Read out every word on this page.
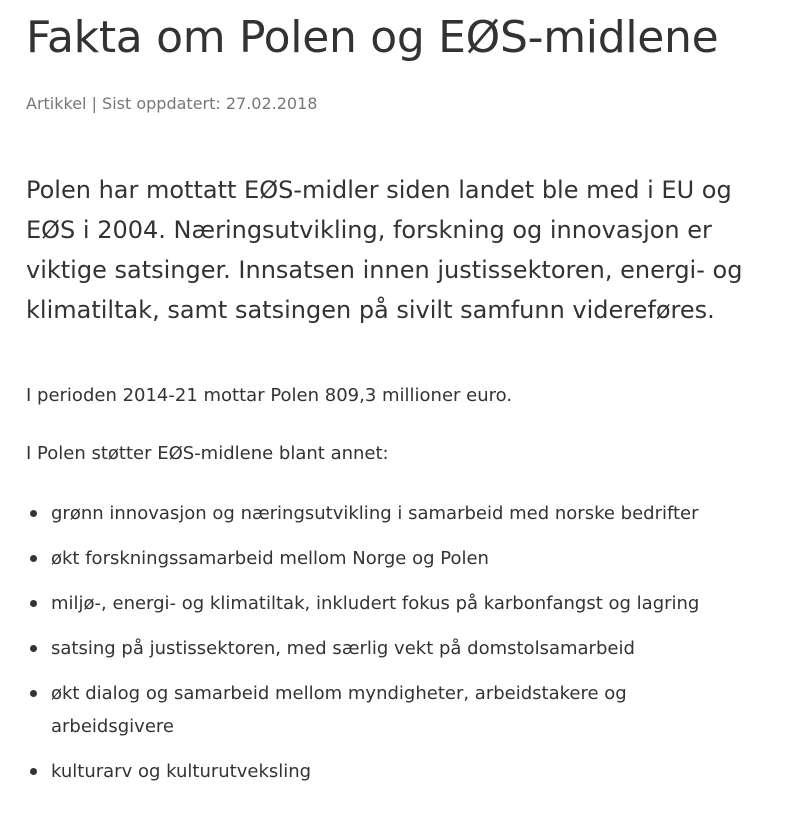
Fakta om Polen og EØS-midlene

Artikkel | Sist oppdatert: 27.02.2018

Polen har mottatt EØS-midler siden landet ble med i EU og EØS i 2004. Næringsutvikling, forskning og innovasjon er viktige satsinger. Innsatsen innen justissektoren, energi- og klimatiltak, samt satsingen på sivilt samfunn videreføres.

I perioden 2014-21 mottar Polen 809,3 millioner euro.

I Polen støtter EØS-midlene blant annet:

grønn innovasjon og næringsutvikling i samarbeid med norske bedrifter
økt forskningssamarbeid mellom Norge og Polen
miljø-, energi- og klimatiltak, inkludert fokus på karbonfangst og lagring
satsing på justissektoren, med særlig vekt på domstolsamarbeid
økt dialog og samarbeid mellom myndigheter, arbeidstakere og arbeidsgivere
kulturarv og kulturutveksling
